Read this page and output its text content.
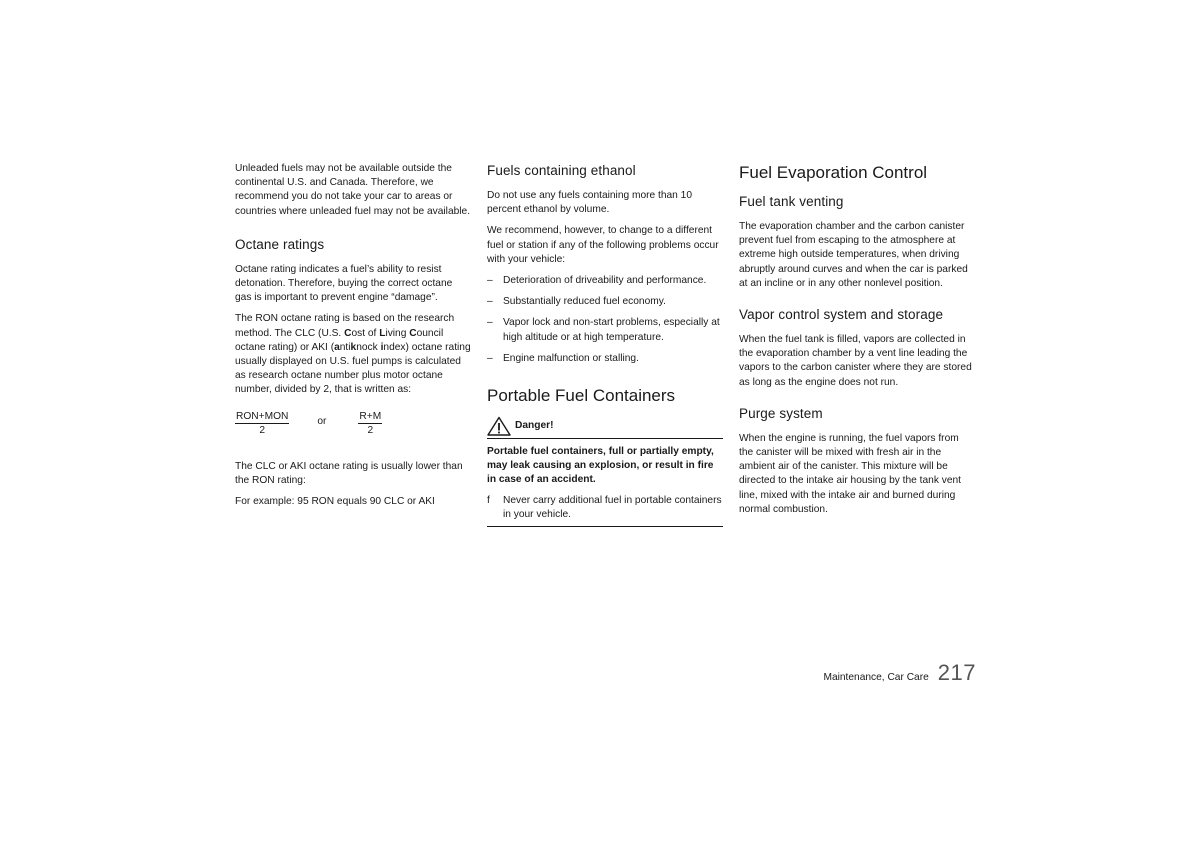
Unleaded fuels may not be available outside the continental U.S. and Canada. Therefore, we recommend you do not take your car to areas or countries where unleaded fuel may not be available.

Octane ratings

Octane rating indicates a fuel’s ability to resist detonation. Therefore, buying the correct octane gas is important to prevent engine “damage”.

The RON octane rating is based on the research method. The CLC (U.S. Cost of Living Council octane rating) or AKI (antiknock index) octane rating usually displayed on U.S. fuel pumps is calculated as research octane number plus motor octane number, divided by 2, that is written as:

$\frac{\text{RON+MON}}{2}$	or	$\frac{R+M}{2}$

The CLC or AKI octane rating is usually lower than the RON rating:

For example: 95 RON equals 90 CLC or AKI

Fuels containing ethanol

Do not use any fuels containing more than 10 percent ethanol by volume.

We recommend, however, to change to a different fuel or station if any of the following problems occur with your vehicle:

– Deterioration of driveability and performance.
– Substantially reduced fuel economy.
– Vapor lock and non-start problems, especially at high altitude or at high temperature.
– Engine malfunction or stalling.
Portable Fuel Containers
Danger!

Portable fuel containers, full or partially empty, may leak causing an explosion, or result in fire in case of an accident.

f Never carry additional fuel in portable containers in your vehicle.
Fuel Evaporation Control
Fuel tank venting

The evaporation chamber and the carbon canister prevent fuel from escaping to the atmosphere at extreme high outside temperatures, when driving abruptly around curves and when the car is parked at an incline or in any other nonlevel position.

Vapor control system and storage

When the fuel tank is filled, vapors are collected in the evaporation chamber by a vent line leading the vapors to the carbon canister where they are stored as long as the engine does not run.

Purge system

When the engine is running, the fuel vapors from the canister will be mixed with fresh air in the ambient air of the canister. This mixture will be directed to the intake air housing by the tank vent line, mixed with the intake air and burned during normal combustion.

Maintenance, Car Care 217
